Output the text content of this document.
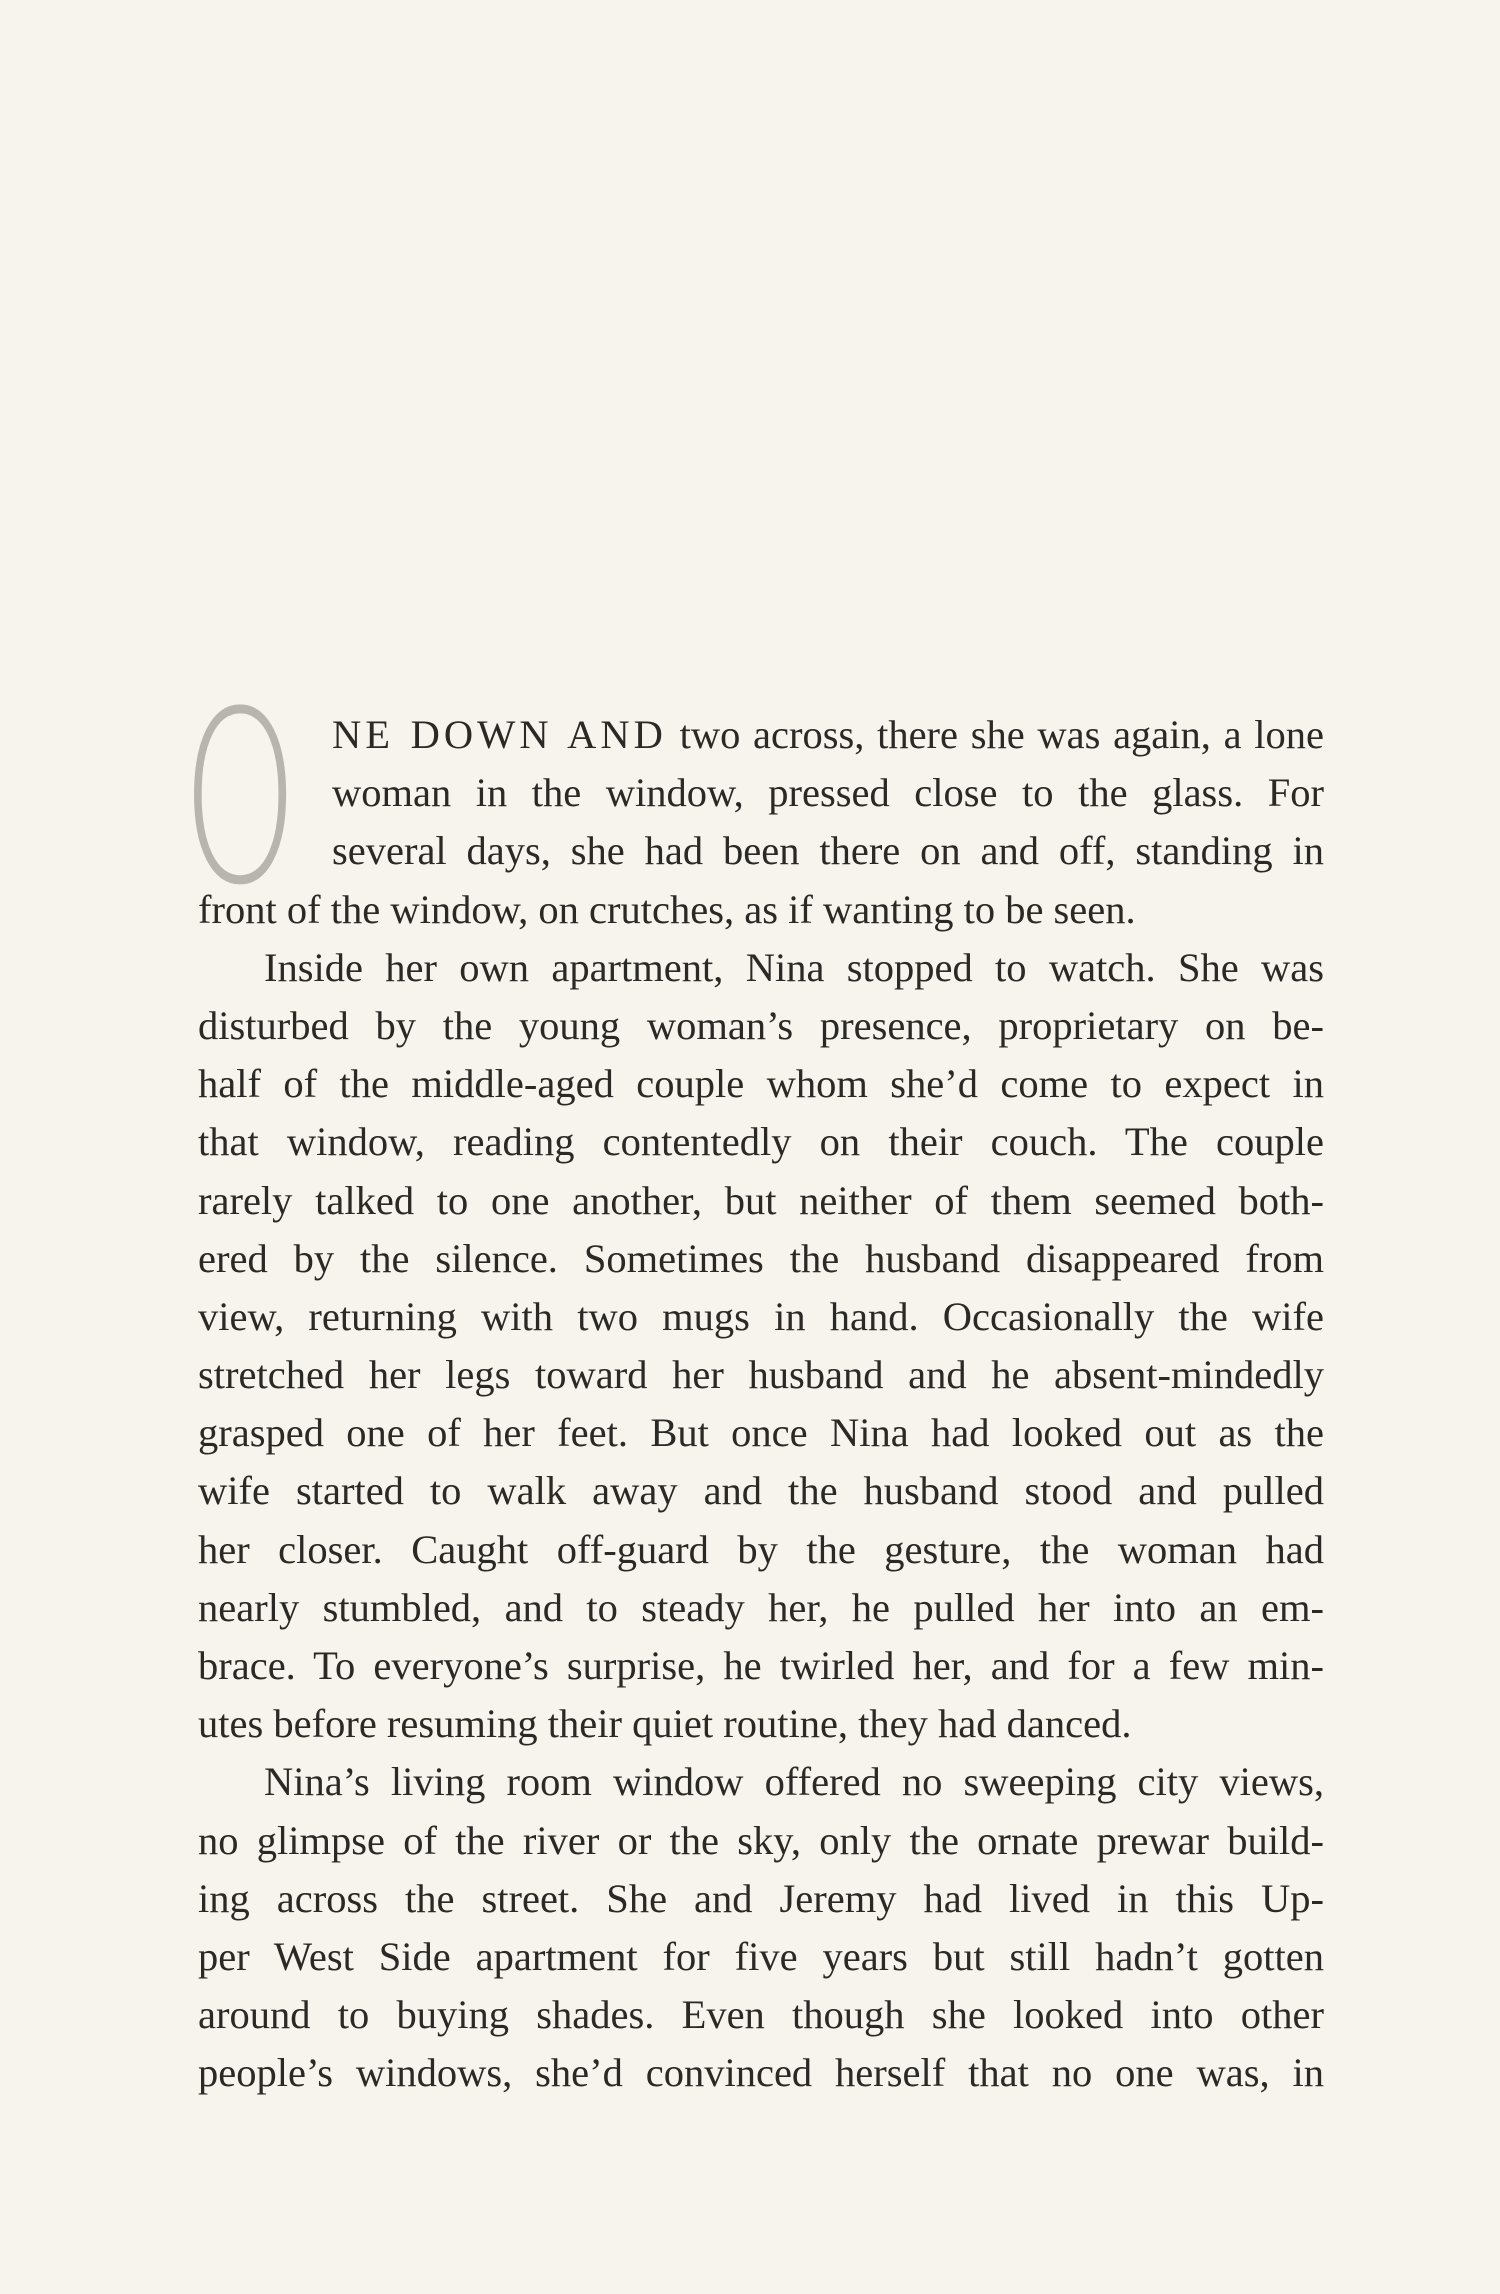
O NE DOWN AND two across, there she was again, a lone
woman in the window, pressed close to the glass. For
several days, she had been there on and off, standing in
front of the window, on crutches, as if wanting to be seen.
Inside her own apartment, Nina stopped to watch. She was
disturbed by the young woman’s presence, proprietary on be-
half of the middle-aged couple whom she’d come to expect in
that window, reading contentedly on their couch. The couple
rarely talked to one another, but neither of them seemed both-
ered by the silence. Sometimes the husband disappeared from
view, returning with two mugs in hand. Occasionally the wife
stretched her legs toward her husband and he absent-mindedly
grasped one of her feet. But once Nina had looked out as the
wife started to walk away and the husband stood and pulled
her closer. Caught off-guard by the gesture, the woman had
nearly stumbled, and to steady her, he pulled her into an em-
brace. To everyone’s surprise, he twirled her, and for a few min-
utes before resuming their quiet routine, they had danced.
Nina’s living room window offered no sweeping city views,
no glimpse of the river or the sky, only the ornate prewar build-
ing across the street. She and Jeremy had lived in this Up-
per West Side apartment for five years but still hadn’t gotten
around to buying shades. Even though she looked into other
people’s windows, she’d convinced herself that no one was, in
